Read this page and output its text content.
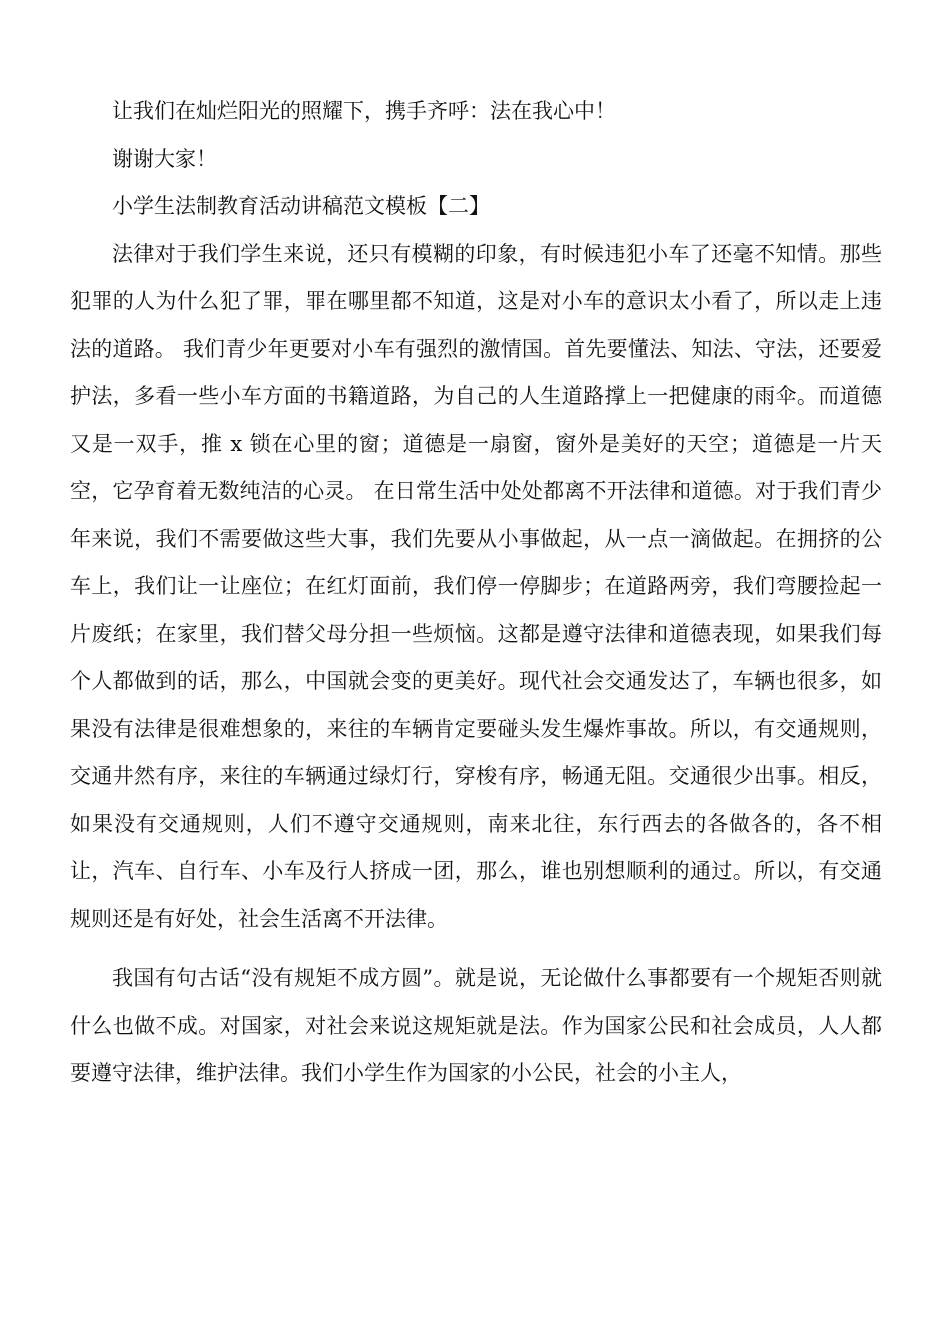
让我们在灿烂阳光的照耀下，携手齐呼：法在我心中！

谢谢大家！

小学生法制教育活动讲稿范文模板【二】

法律对于我们学生来说，还只有模糊的印象，有时候违犯小车了还毫不知情。那些犯罪的人为什么犯了罪，罪在哪里都不知道，这是对小车的意识太小看了，所以走上违法的道路。 我们青少年更要对小车有强烈的激情国。首先要懂法、知法、守法，还要爱护法，多看一些小车方面的书籍道路，为自己的人生道路撑上一把健康的雨伞。而道德又是一双手，推 x 锁在心里的窗；道德是一扇窗，窗外是美好的天空；道德是一片天空，它孕育着无数纯洁的心灵。 在日常生活中处处都离不开法律和道德。对于我们青少年来说，我们不需要做这些大事，我们先要从小事做起，从一点一滴做起。在拥挤的公车上，我们让一让座位；在红灯面前，我们停一停脚步；在道路两旁，我们弯腰捡起一片废纸；在家里，我们替父母分担一些烦恼。这都是遵守法律和道德表现，如果我们每个人都做到的话，那么，中国就会变的更美好。现代社会交通发达了，车辆也很多，如果没有法律是很难想象的，来往的车辆肯定要碰头发生爆炸事故。所以，有交通规则，交通井然有序，来往的车辆通过绿灯行，穿梭有序，畅通无阻。交通很少出事。相反，如果没有交通规则，人们不遵守交通规则，南来北往，东行西去的各做各的，各不相让，汽车、自行车、小车及行人挤成一团，那么，谁也别想顺利的通过。所以，有交通规则还是有好处，社会生活离不开法律。

我国有句古话“没有规矩不成方圆”。就是说，无论做什么事都要有一个规矩否则就什么也做不成。对国家，对社会来说这规矩就是法。作为国家公民和社会成员，人人都要遵守法律，维护法律。我们小学生作为国家的小公民，社会的小主人，
